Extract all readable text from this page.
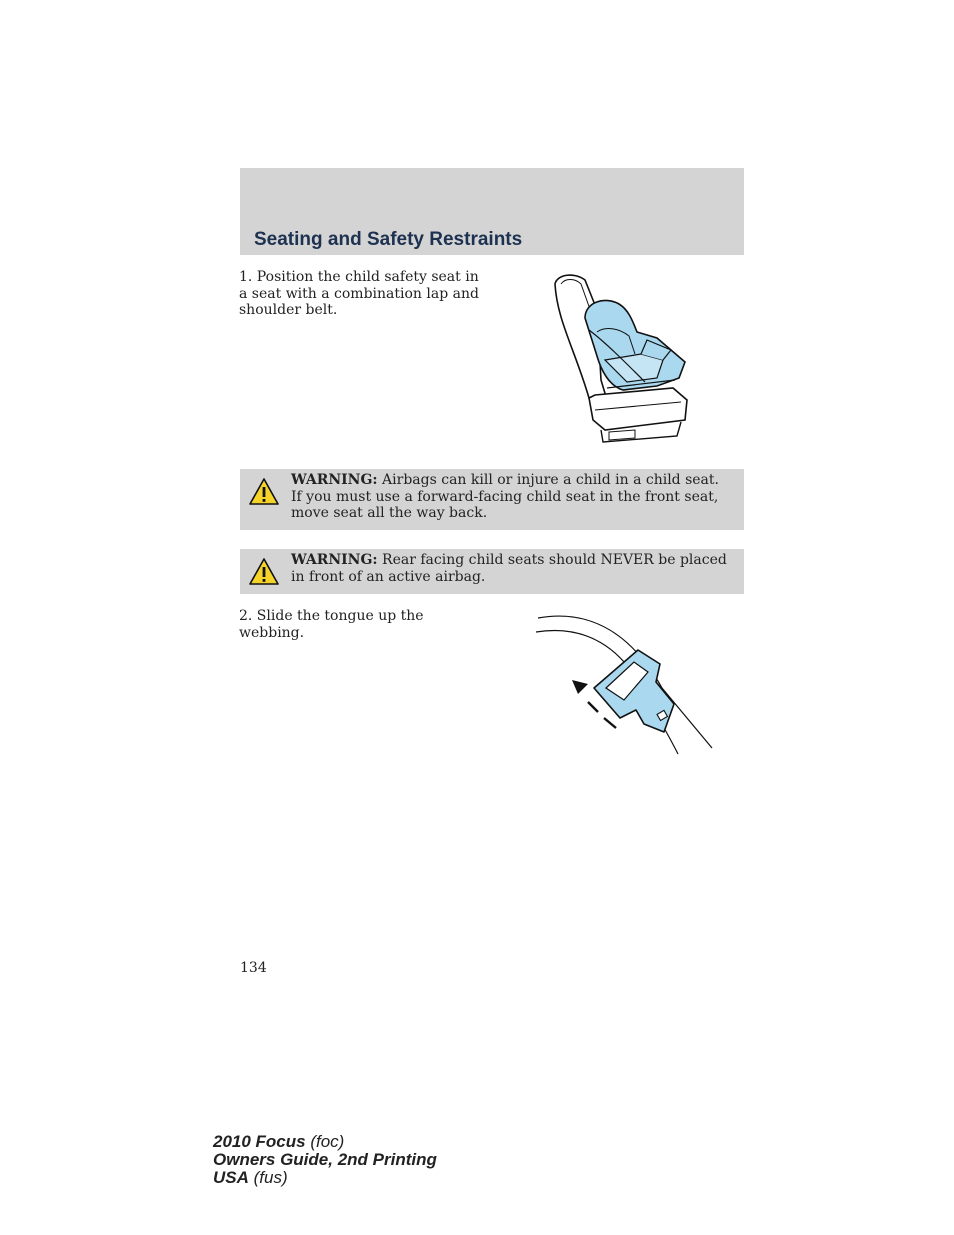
Seating and Safety Restraints

1. Position the child safety seat in a seat with a combination lap and shoulder belt.

WARNING: Airbags can kill or injure a child in a child seat. If you must use a forward-facing child seat in the front seat, move seat all the way back.
WARNING: Rear facing child seats should NEVER be placed in front of an active airbag.

2. Slide the tongue up the webbing.

134

2010 Focus (foc)
Owners Guide, 2nd Printing
USA (fus)
